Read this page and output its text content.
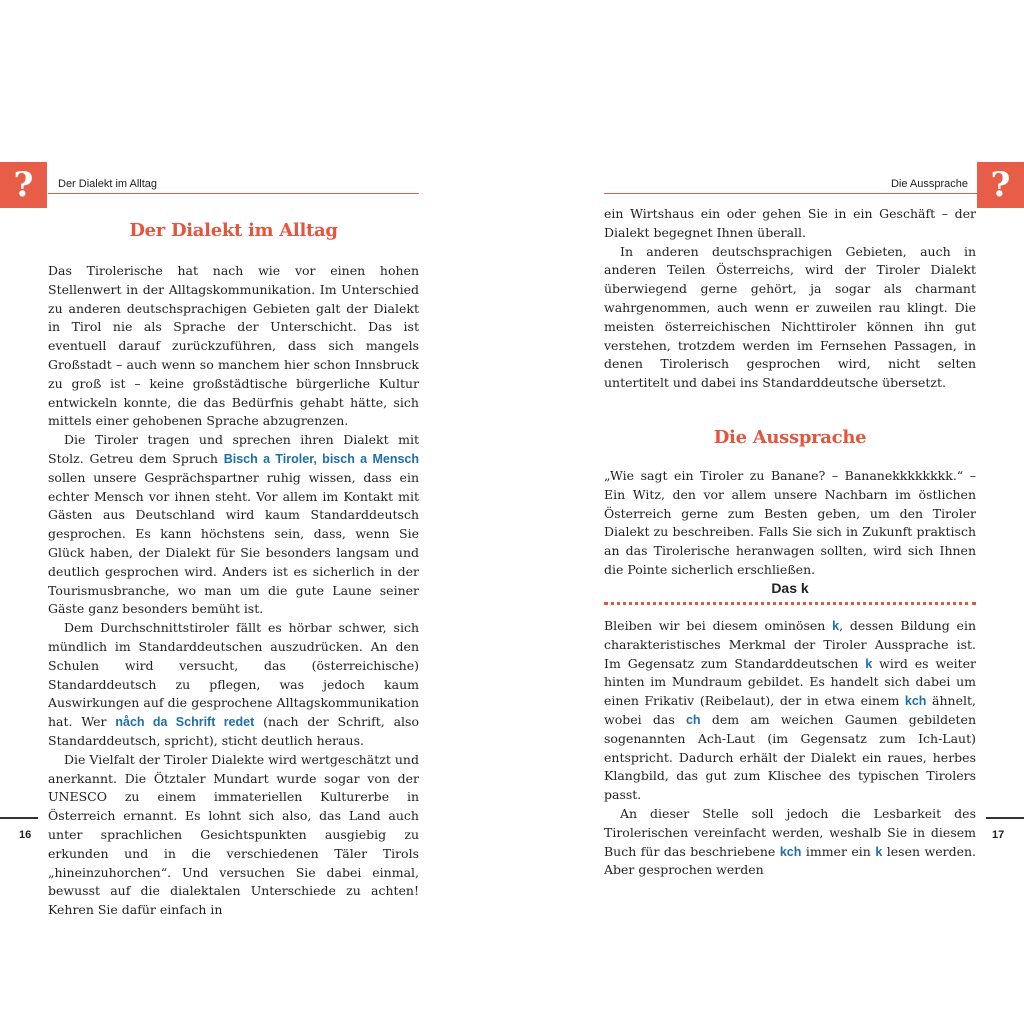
?	Der Dialekt im Alltag
Der Dialekt im Alltag

Das Tirolerische hat nach wie vor einen hohen Stellenwert in der Alltagskommunikation. Im Unterschied zu anderen deutschsprachigen Gebieten galt der Dialekt in Tirol nie als Sprache der Unterschicht. Das ist eventuell darauf zurückzuführen, dass sich mangels Großstadt – auch wenn so manchem hier schon Innsbruck zu groß ist – keine großstädtische bürgerliche Kultur entwickeln konnte, die das Bedürfnis gehabt hätte, sich mittels einer gehobenen Sprache abzugrenzen.

Die Tiroler tragen und sprechen ihren Dialekt mit Stolz. Getreu dem Spruch Bisch a Tiroler, bisch a Mensch sollen unsere Gesprächspartner ruhig wissen, dass ein echter Mensch vor ihnen steht. Vor allem im Kontakt mit Gästen aus Deutschland wird kaum Standarddeutsch gesprochen. Es kann höchstens sein, dass, wenn Sie Glück haben, der Dialekt für Sie besonders langsam und deutlich gesprochen wird. Anders ist es sicherlich in der Tourismusbranche, wo man um die gute Laune seiner Gäste ganz besonders bemüht ist.

Dem Durchschnittstiroler fällt es hörbar schwer, sich mündlich im Standarddeutschen auszudrücken. An den Schulen wird versucht, das (österreichische) Standarddeutsch zu pflegen, was jedoch kaum Auswirkungen auf die gesprochene Alltagskommunikation hat. Wer nåch da Schrift redet (nach der Schrift, also Standarddeutsch, spricht), sticht deutlich heraus.

Die Vielfalt der Tiroler Dialekte wird wertgeschätzt und anerkannt. Die Ötztaler Mundart wurde sogar von der UNESCO zu einem immateriellen Kulturerbe in Österreich ernannt. Es lohnt sich also, das Land auch unter sprachlichen Gesichtspunkten ausgiebig zu erkunden und in die verschiedenen Täler Tirols „hineinzuhorchen“. Und versuchen Sie dabei einmal, bewusst auf die dialektalen Unterschiede zu achten! Kehren Sie dafür einfach in

16
Die Aussprache ?

ein Wirtshaus ein oder gehen Sie in ein Geschäft – der Dialekt begegnet Ihnen überall.

In anderen deutschsprachigen Gebieten, auch in anderen Teilen Österreichs, wird der Tiroler Dialekt überwiegend gerne gehört, ja sogar als charmant wahrgenommen, auch wenn er zuweilen rau klingt. Die meisten österreichischen Nichttiroler können ihn gut verstehen, trotzdem werden im Fernsehen Passagen, in denen Tirolerisch gesprochen wird, nicht selten untertitelt und dabei ins Standarddeutsche übersetzt.

Die Aussprache

„Wie sagt ein Tiroler zu Banane? – Bananekkkkkkkk.“ – Ein Witz, den vor allem unsere Nachbarn im östlichen Österreich gerne zum Besten geben, um den Tiroler Dialekt zu beschreiben. Falls Sie sich in Zukunft praktisch an das Tirolerische heranwagen sollten, wird sich Ihnen die Pointe sicherlich erschließen.

Das k

Bleiben wir bei diesem ominösen k, dessen Bildung ein charakteristisches Merkmal der Tiroler Aussprache ist. Im Gegensatz zum Standarddeutschen k wird es weiter hinten im Mundraum gebildet. Es handelt sich dabei um einen Frikativ (Reibelaut), der in etwa einem kch ähnelt, wobei das ch dem am weichen Gaumen gebildeten sogenannten Ach-Laut (im Gegensatz zum Ich-Laut) entspricht. Dadurch erhält der Dialekt ein raues, herbes Klangbild, das gut zum Klischee des typischen Tirolers passt.

An dieser Stelle soll jedoch die Lesbarkeit des Tirolerischen vereinfacht werden, weshalb Sie in diesem Buch für das beschriebene kch immer ein k lesen werden. Aber gesprochen werden

17
